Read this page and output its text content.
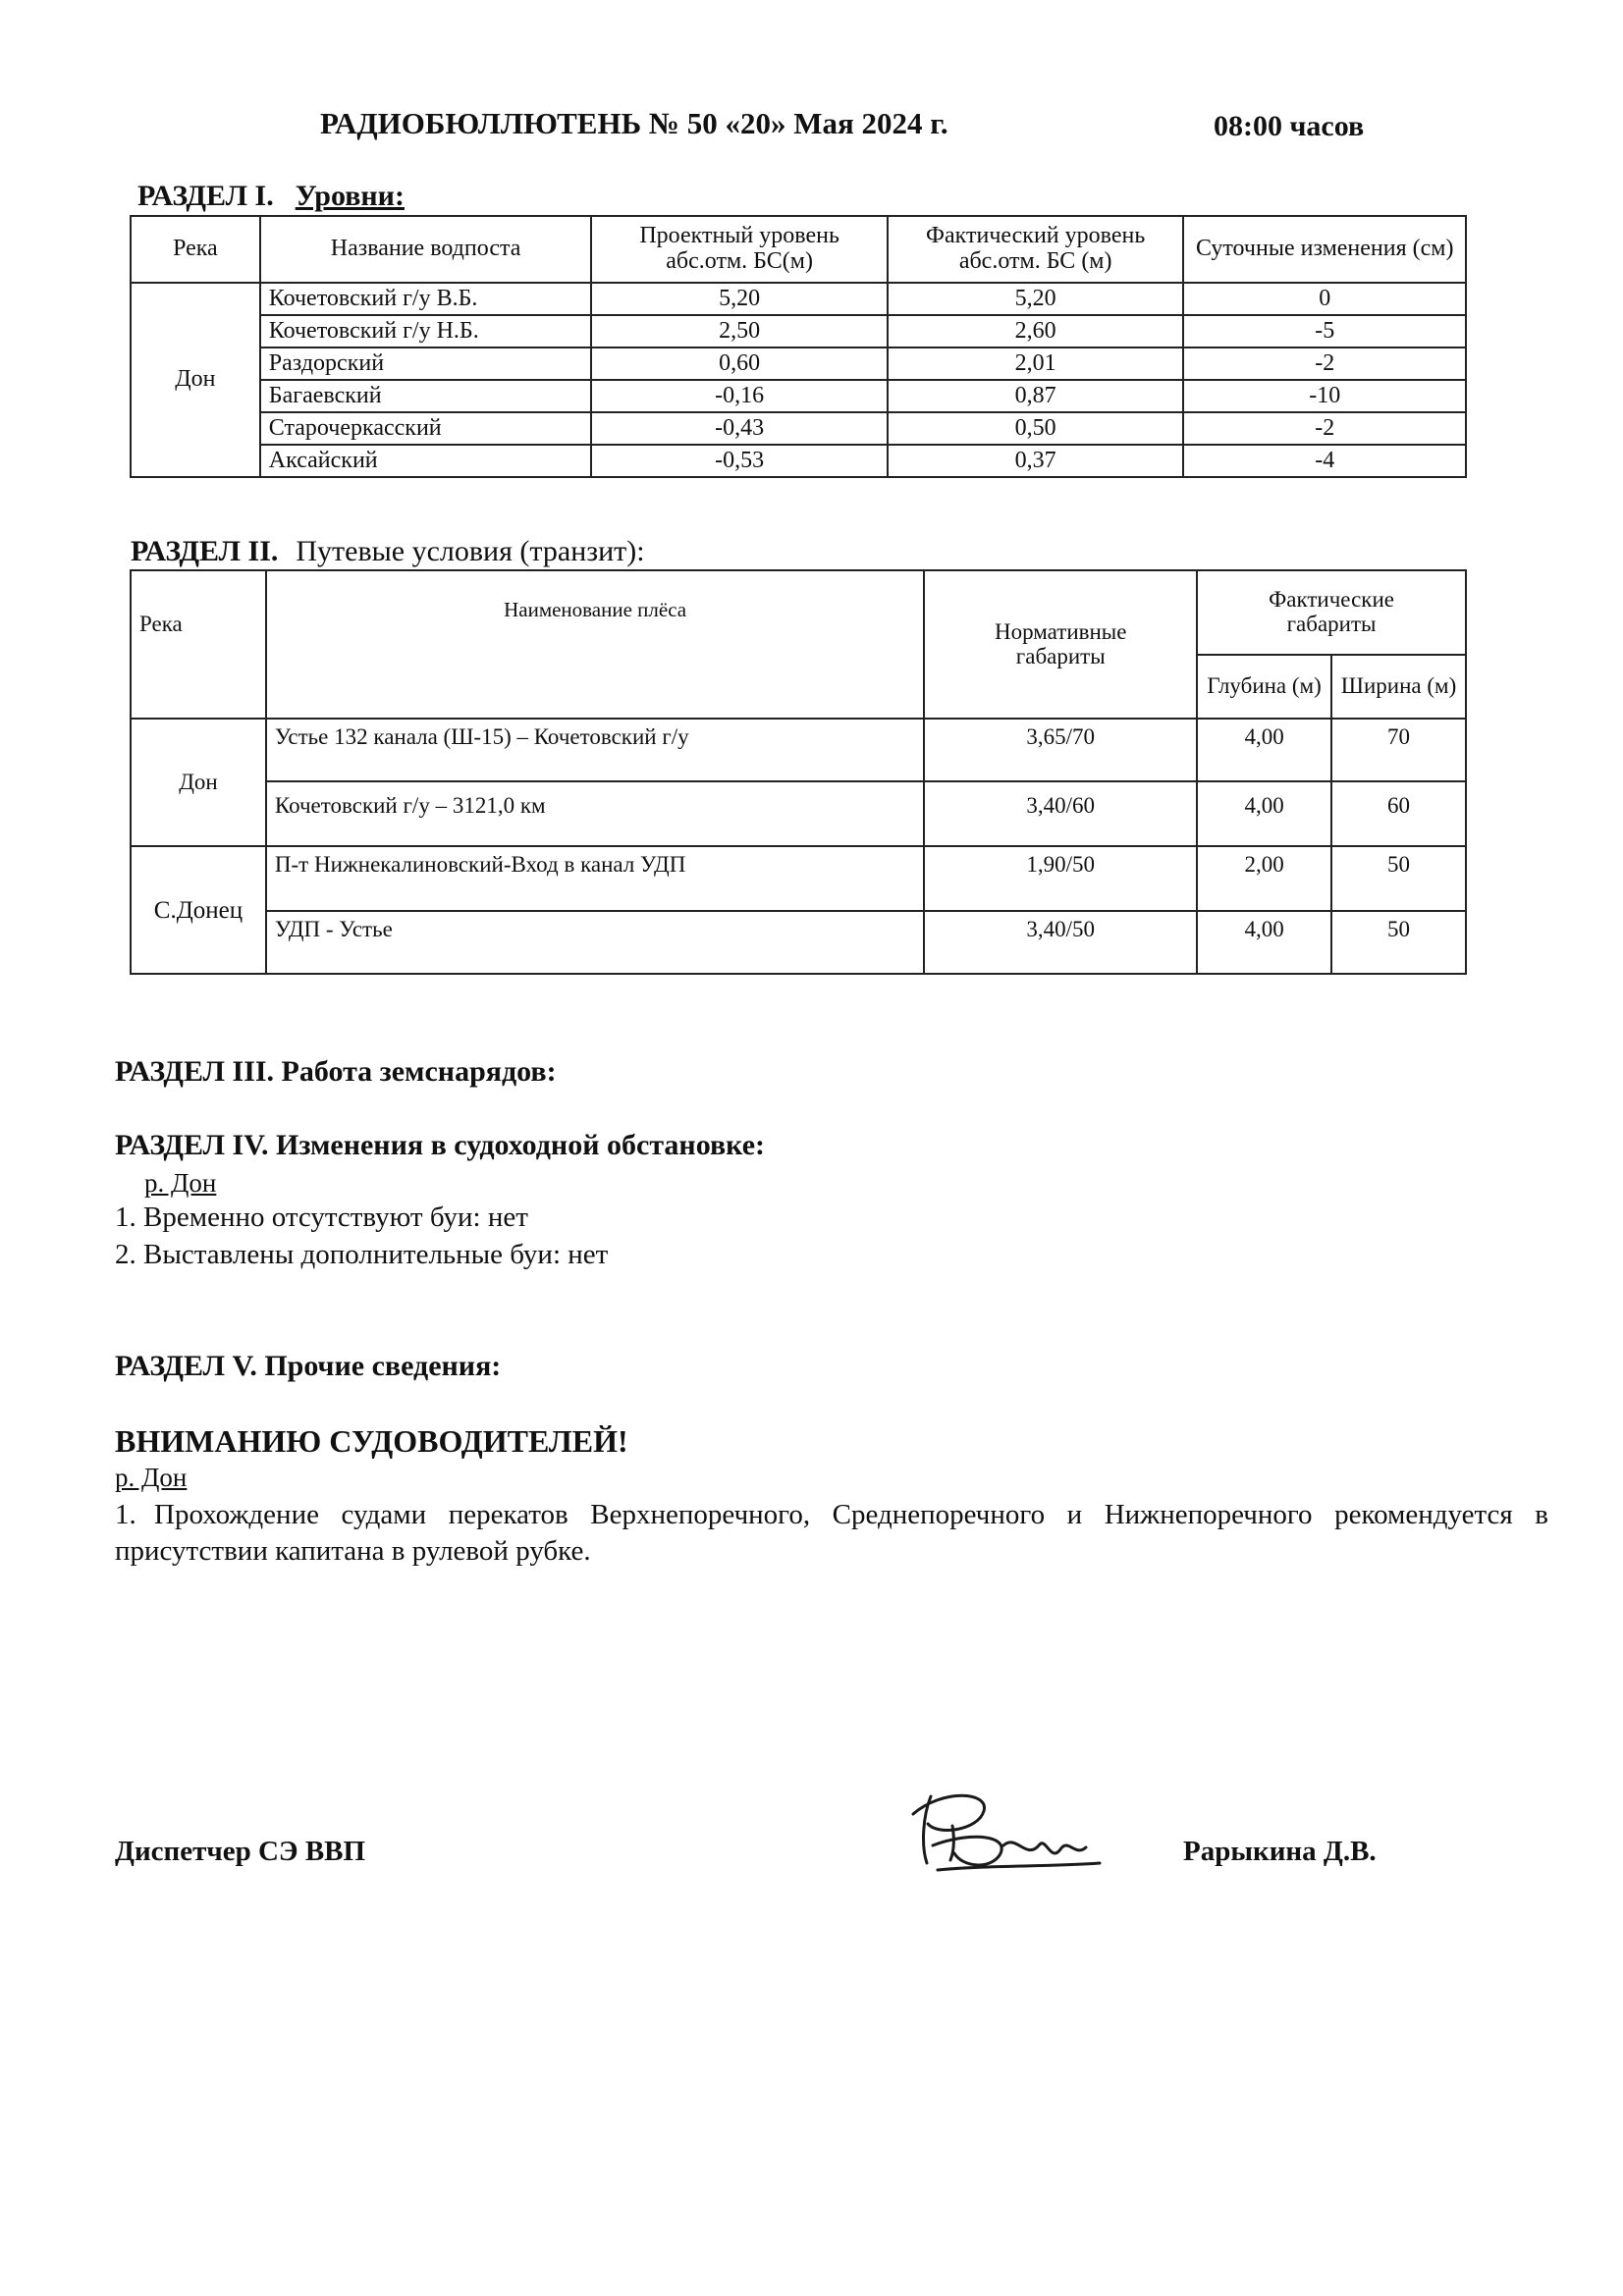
РАДИОБЮЛЛЮТЕНЬ № 50 «20» Мая 2024 г.	08:00 часов
РАЗДЕЛ I. Уровни:
Река	Название водпоста	Проектный уровень абс.отм. БС(м)	Фактический уровень абс.отм. БС (м)	Суточные изменения (см)
Дон	Кочетовский г/у В.Б.	5,20	5,20	0
	Кочетовский г/у Н.Б.	2,50	2,60	-5
	Раздорский	0,60	2,01	-2
	Багаевский	-0,16	0,87	-10
	Старочеркасский	-0,43	0,50	-2
	Аксайский	-0,53	0,37	-4
РАЗДЕЛ II. Путевые условия (транзит):
Река	Наименование плёса	Нормативные габариты	Фактические габариты	
			Глубина (м)	Ширина (м)
Дон	Устье 132 канала (Ш-15) – Кочетовский г/у	3,65/70	4,00	70
	Кочетовский г/у – 3121,0 км	3,40/60	4,00	60
С.Донец	П-т Нижнекалиновский-Вход в канал УДП	1,90/50	2,00	50
	УДП - Устье	3,40/50	4,00	50
РАЗДЕЛ III. Работа земснарядов:
РАЗДЕЛ IV. Изменения в судоходной обстановке:
р. Дон
1. Временно отсутствуют буи: нет
2. Выставлены дополнительные буи: нет
РАЗДЕЛ V. Прочие сведения:
ВНИМАНИЮ СУДОВОДИТЕЛЕЙ!
р. Дон
1. Прохождение судами перекатов Верхнепоречного, Среднепоречного и Нижнепоречного рекомендуется в присутствии капитана в рулевой рубке.
Диспетчер СЭ ВВП	Рарыкина Д.В.
